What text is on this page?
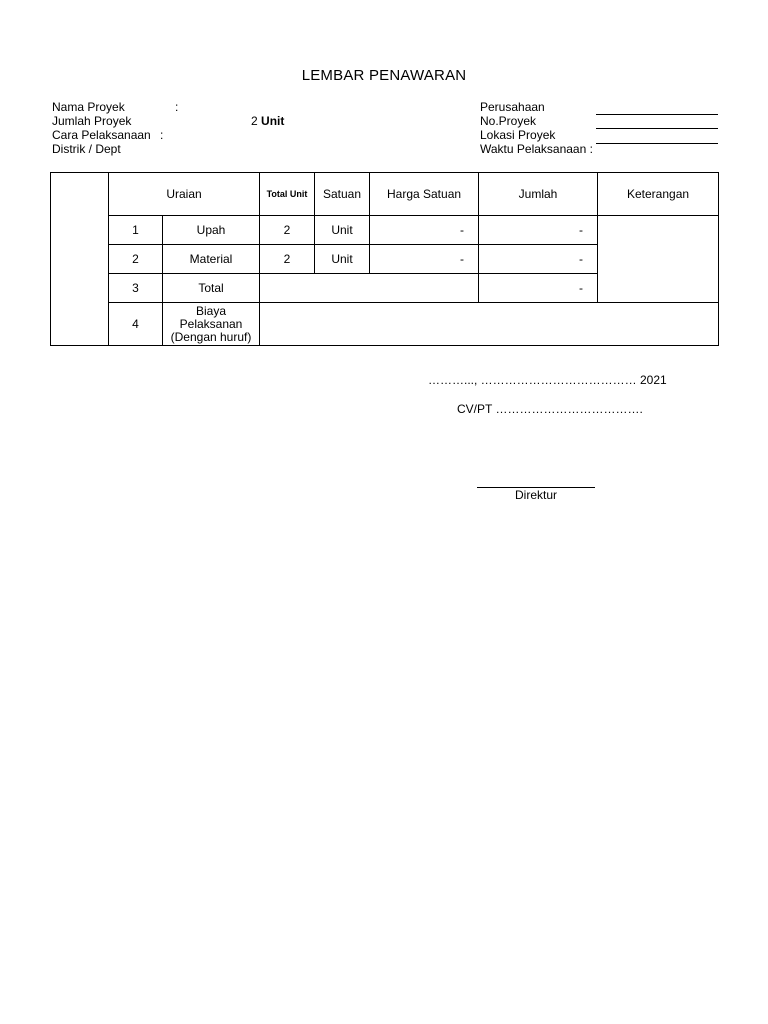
LEMBAR PENAWARAN
Nama Proyek	:
Jumlah Proyek	2 Unit
Cara Pelaksanaan :
Distrik / Dept
Perusahaan
No.Proyek
Lokasi Proyek
Waktu Pelaksanaan :
	Uraian		Total Unit	Satuan	Harga Satuan	Jumlah	Keterangan
	1	Upah	2	Unit	-	-	
	2	Material	2	Unit	-	-	
	3	Total				-	
	4	Biaya
Pelaksanan
(Dengan huruf)					

………..., ………………………………… 2021
CV/PT ……………………………….
Direktur
